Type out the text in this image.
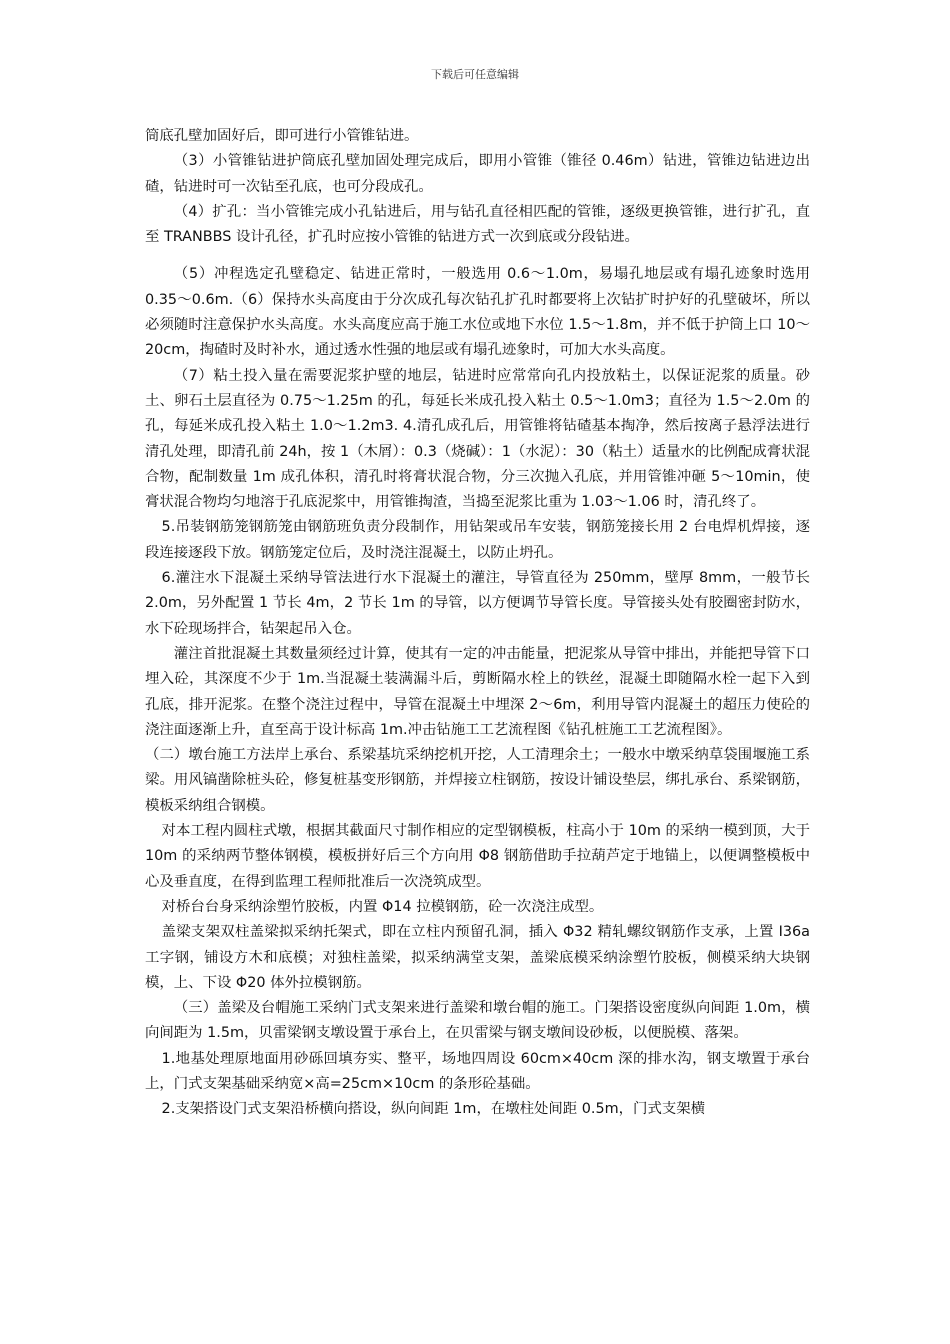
下载后可任意编辑

筒底孔壁加固好后，即可进行小管锥钻进。

（3）小管锥钻进护筒底孔壁加固处理完成后，即用小管锥（锥径 0.46m）钻进，管锥边钻进边出碴，钻进时可一次钻至孔底，也可分段成孔。

（4）扩孔：当小管锥完成小孔钻进后，用与钻孔直径相匹配的管锥，逐级更换管锥，进行扩孔，直至 TRANBBS 设计孔径，扩孔时应按小管锥的钻进方式一次到底或分段钻进。

（5）冲程选定孔壁稳定、钻进正常时，一般选用 0.6～1.0m，易塌孔地层或有塌孔迹象时选用 0.35～0.6m.（6）保持水头高度由于分次成孔每次钻孔扩孔时都要将上次钻扩时护好的孔壁破坏，所以必须随时注意保护水头高度。水头高度应高于施工水位或地下水位 1.5～1.8m，并不低于护筒上口 10～20cm，掏碴时及时补水，通过透水性强的地层或有塌孔迹象时，可加大水头高度。

（7）粘土投入量在需要泥浆护壁的地层，钻进时应常常向孔内投放粘土，以保证泥浆的质量。砂土、卵石土层直径为 0.75～1.25m 的孔，每延长米成孔投入粘土 0.5～1.0m3；直径为 1.5～2.0m 的孔，每延米成孔投入粘土 1.0～1.2m3. 4.清孔成孔后，用管锥将钻碴基本掏净，然后按离子悬浮法进行清孔处理，即清孔前 24h，按 1（木屑）：0.3（烧碱）：1（水泥）：30（粘土）适量水的比例配成膏状混合物，配制数量 1m 成孔体积，清孔时将膏状混合物，分三次抛入孔底，并用管锥冲砸 5～10min，使膏状混合物均匀地溶于孔底泥浆中，用管锥掏渣，当捣至泥浆比重为 1.03～1.06 时，清孔终了。

5.吊装钢筋笼钢筋笼由钢筋班负责分段制作，用钻架或吊车安装，钢筋笼接长用 2 台电焊机焊接，逐段连接逐段下放。钢筋笼定位后，及时浇注混凝土，以防止坍孔。

6.灌注水下混凝土采纳导管法进行水下混凝土的灌注，导管直径为 250mm，壁厚 8mm，一般节长 2.0m，另外配置 1 节长 4m，2 节长 1m 的导管，以方便调节导管长度。导管接头处有胶圈密封防水，水下砼现场拌合，钻架起吊入仓。

灌注首批混凝土其数量须经过计算，使其有一定的冲击能量，把泥浆从导管中排出，并能把导管下口埋入砼，其深度不少于 1m.当混凝土装满漏斗后，剪断隔水栓上的铁丝，混凝土即随隔水栓一起下入到孔底，排开泥浆。在整个浇注过程中，导管在混凝土中埋深 2～6m，利用导管内混凝土的超压力使砼的浇注面逐渐上升，直至高于设计标高 1m.冲击钻施工工艺流程图《钻孔桩施工工艺流程图》。

（二）墩台施工方法岸上承台、系梁基坑采纳挖机开挖，人工清理余土；一般水中墩采纳草袋围堰施工系梁。用风镐凿除桩头砼，修复桩基变形钢筋，并焊接立柱钢筋，按设计铺设垫层，绑扎承台、系梁钢筋，模板采纳组合钢模。

对本工程内圆柱式墩，根据其截面尺寸制作相应的定型钢模板，柱高小于 10m 的采纳一模到顶，大于 10m 的采纳两节整体钢模，模板拼好后三个方向用 Φ8 钢筋借助手拉葫芦定于地锚上，以便调整模板中心及垂直度，在得到监理工程师批准后一次浇筑成型。

对桥台台身采纳涂塑竹胶板，内置 Φ14 拉模钢筋，砼一次浇注成型。

盖梁支架双柱盖梁拟采纳托架式，即在立柱内预留孔洞，插入 Φ32 精轧螺纹钢筋作支承，上置 I36a 工字钢，铺设方木和底模；对独柱盖梁，拟采纳满堂支架，盖梁底模采纳涂塑竹胶板，侧模采纳大块钢模，上、下设 Φ20 体外拉模钢筋。

（三）盖梁及台帽施工采纳门式支架来进行盖梁和墩台帽的施工。门架搭设密度纵向间距 1.0m，横向间距为 1.5m，贝雷梁钢支墩设置于承台上，在贝雷梁与钢支墩间设砂板，以便脱模、落架。

1.地基处理原地面用砂砾回填夯实、整平，场地四周设 60cm×40cm 深的排水沟，钢支墩置于承台上，门式支架基础采纳宽×高=25cm×10cm 的条形砼基础。

2.支架搭设门式支架沿桥横向搭设，纵向间距 1m，在墩柱处间距 0.5m，门式支架横
